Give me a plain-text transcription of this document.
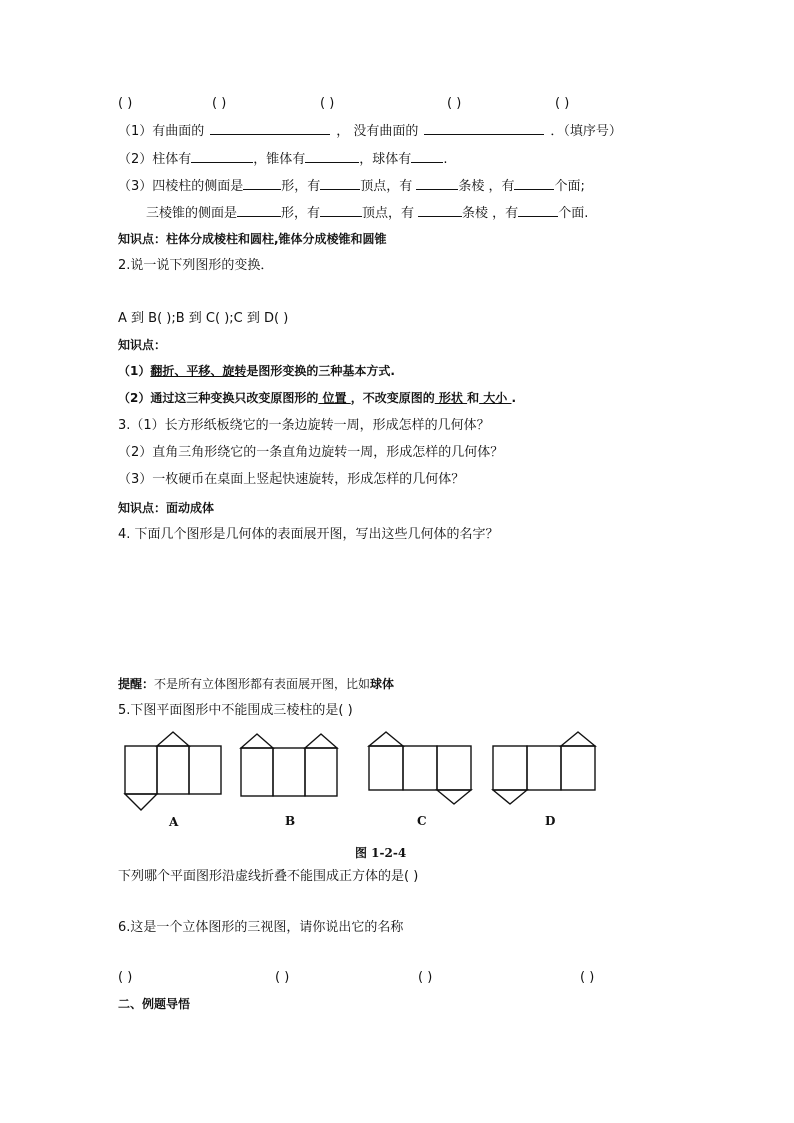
( )	( )	( )	( )	( )
（1）有曲面的	， 没有曲面的	．（填序号）
（2）柱体有	，锥体有	，球体有 .
（3）四棱柱的侧面是	形，有	顶点，有	条棱 ，有	个面;
三棱锥的侧面是	形，有	顶点，有	条棱 ，有	个面.
知识点：柱体分成棱柱和圆柱,锥体分成棱锥和圆锥
2.说一说下列图形的变换．
A 到 B( );B 到 C( );C 到 D( )
知识点：
（1）翻折、平移、旋转是图形变换的三种基本方式.
（2）通过这三种变换只改变原图形的 位置 ，不改变原图的 形状 和 大小 .
3.（1）长方形纸板绕它的一条边旋转一周，形成怎样的几何体？
（2）直角三角形绕它的一条直角边旋转一周，形成怎样的几何体？
（3）一枚硬币在桌面上竖起快速旋转，形成怎样的几何体？
知识点：面动成体
4. 下面几个图形是几何体的表面展开图，写出这些几何体的名字？
提醒：不是所有立体图形都有表面展开图，比如球体
5.下图平面图形中不能围成三棱柱的是( )
A	B	C	D
图 1-2-4
下列哪个平面图形沿虚线折叠不能围成正方体的是( )
6.这是一个立体图形的三视图，请你说出它的名称
( )	( )	( )	( )
二、例题导悟
